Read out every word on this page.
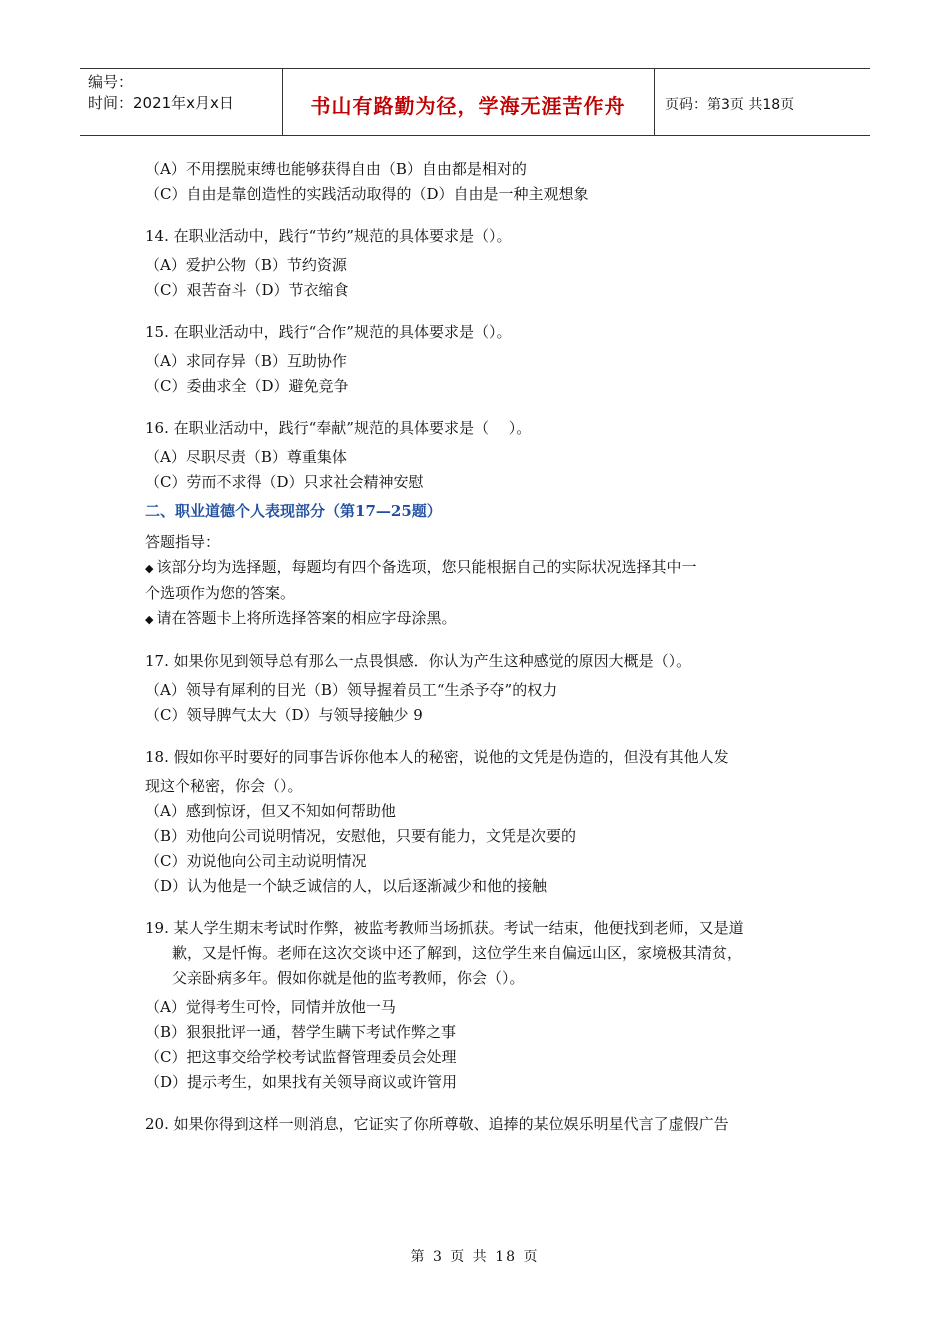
编号：
时间：2021年x月x日	书山有路勤为径，学海无涯苦作舟	页码：第3页 共18页

（A）不用摆脱束缚也能够获得自由（B）自由都是相对的

（C）自由是靠创造性的实践活动取得的（D）自由是一种主观想象

14. 在职业活动中，践行“节约”规范的具体要求是（）。

（A）爱护公物（B）节约资源

（C）艰苦奋斗（D）节衣缩食

15. 在职业活动中，践行“合作”规范的具体要求是（）。

（A）求同存异（B）互助协作

（C）委曲求全（D）避免竞争

16. 在职业活动中，践行“奉献”规范的具体要求是（　 ）。

（A）尽职尽责（B）尊重集体

（C）劳而不求得（D）只求社会精神安慰

二、职业道德个人表现部分（第17—25题）

答题指导：

◆ 该部分均为选择题，每题均有四个备选项，您只能根据自己的实际状况选择其中一

个选项作为您的答案。

◆ 请在答题卡上将所选择答案的相应字母涂黑。

17. 如果你见到领导总有那么一点畏惧感．你认为产生这种感觉的原因大概是（）。

（A）领导有犀利的目光（B）领导握着员工“生杀予夺”的权力

（C）领导脾气太大（D）与领导接触少 9

18. 假如你平时要好的同事告诉你他本人的秘密，说他的文凭是伪造的，但没有其他人发

现这个秘密，你会（）。

（A）感到惊讶，但又不知如何帮助他

（B）劝他向公司说明情况，安慰他，只要有能力，文凭是次要的

（C）劝说他向公司主动说明情况

（D）认为他是一个缺乏诚信的人，以后逐渐减少和他的接触

19. 某人学生期末考试时作弊，被监考教师当场抓获。考试一结束，他便找到老师，又是道

歉，又是忏悔。老师在这次交谈中还了解到，这位学生来自偏远山区，家境极其清贫，

父亲卧病多年。假如你就是他的监考教师，你会（）。

（A）觉得考生可怜，同情并放他一马

（B）狠狠批评一通，替学生瞒下考试作弊之事

（C）把这事交给学校考试监督管理委员会处理

（D）提示考生，如果找有关领导商议或许管用

20. 如果你得到这样一则消息，它证实了你所尊敬、追捧的某位娱乐明星代言了虚假广告

第 3 页 共 18 页
